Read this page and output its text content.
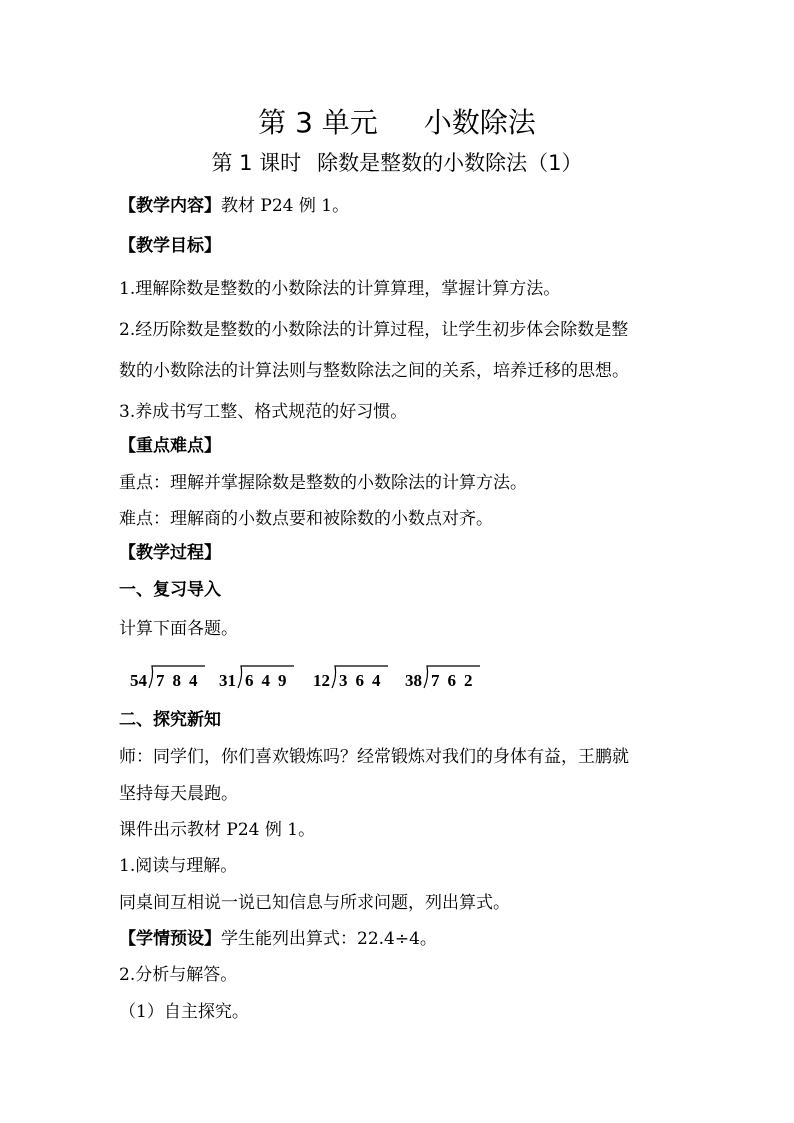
第 3 单元 小数除法
第 1 课时 除数是整数的小数除法（1）
【教学内容】教材 P24 例 1。
【教学目标】
1.理解除数是整数的小数除法的计算算理，掌握计算方法。
2.经历除数是整数的小数除法的计算过程，让学生初步体会除数是整
数的小数除法的计算法则与整数除法之间的关系，培养迁移的思想。
3.养成书写工整、格式规范的好习惯。
【重点难点】
重点：理解并掌握除数是整数的小数除法的计算方法。
难点：理解商的小数点要和被除数的小数点对齐。
【教学过程】
一、复习导入
计算下面各题。
54 784 31 649 12 364 38 762
二、探究新知
师：同学们，你们喜欢锻炼吗？经常锻炼对我们的身体有益，王鹏就
坚持每天晨跑。
课件出示教材 P24 例 1。
1.阅读与理解。
同桌间互相说一说已知信息与所求问题，列出算式。
【学情预设】学生能列出算式：22.4÷4。
2.分析与解答。
（1）自主探究。
